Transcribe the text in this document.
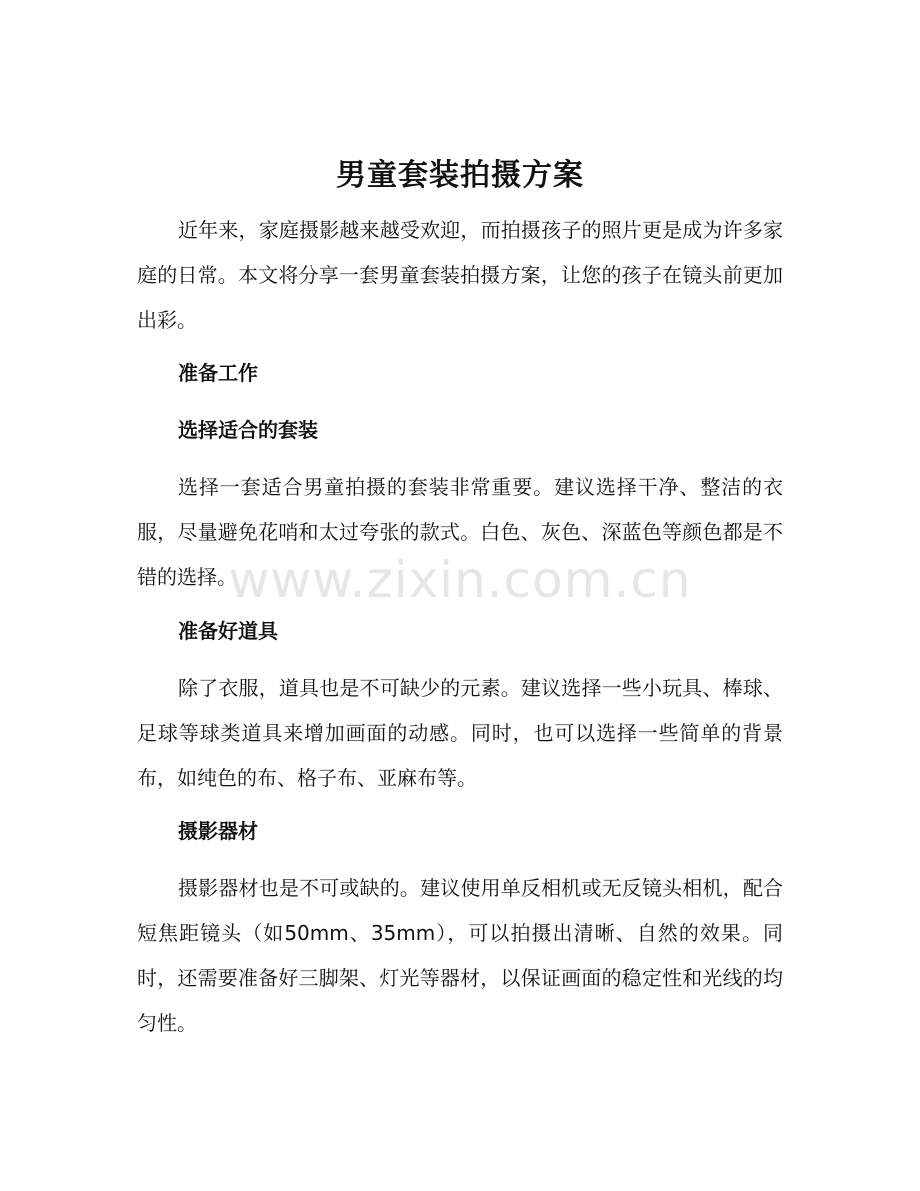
男童套装拍摄方案

近年来，家庭摄影越来越受欢迎，而拍摄孩子的照片更是成为许多家庭的日常。本文将分享一套男童套装拍摄方案，让您的孩子在镜头前更加出彩。

准备工作
选择适合的套装

选择一套适合男童拍摄的套装非常重要。建议选择干净、整洁的衣服，尽量避免花哨和太过夸张的款式。白色、灰色、深蓝色等颜色都是不错的选择。

准备好道具

除了衣服，道具也是不可缺少的元素。建议选择一些小玩具、棒球、足球等球类道具来增加画面的动感。同时，也可以选择一些简单的背景布，如纯色的布、格子布、亚麻布等。

摄影器材

摄影器材也是不可或缺的。建议使用单反相机或无反镜头相机，配合短焦距镜头（如50mm、35mm），可以拍摄出清晰、自然的效果。同时，还需要准备好三脚架、灯光等器材，以保证画面的稳定性和光线的均匀性。

www.zixin.com.cn
